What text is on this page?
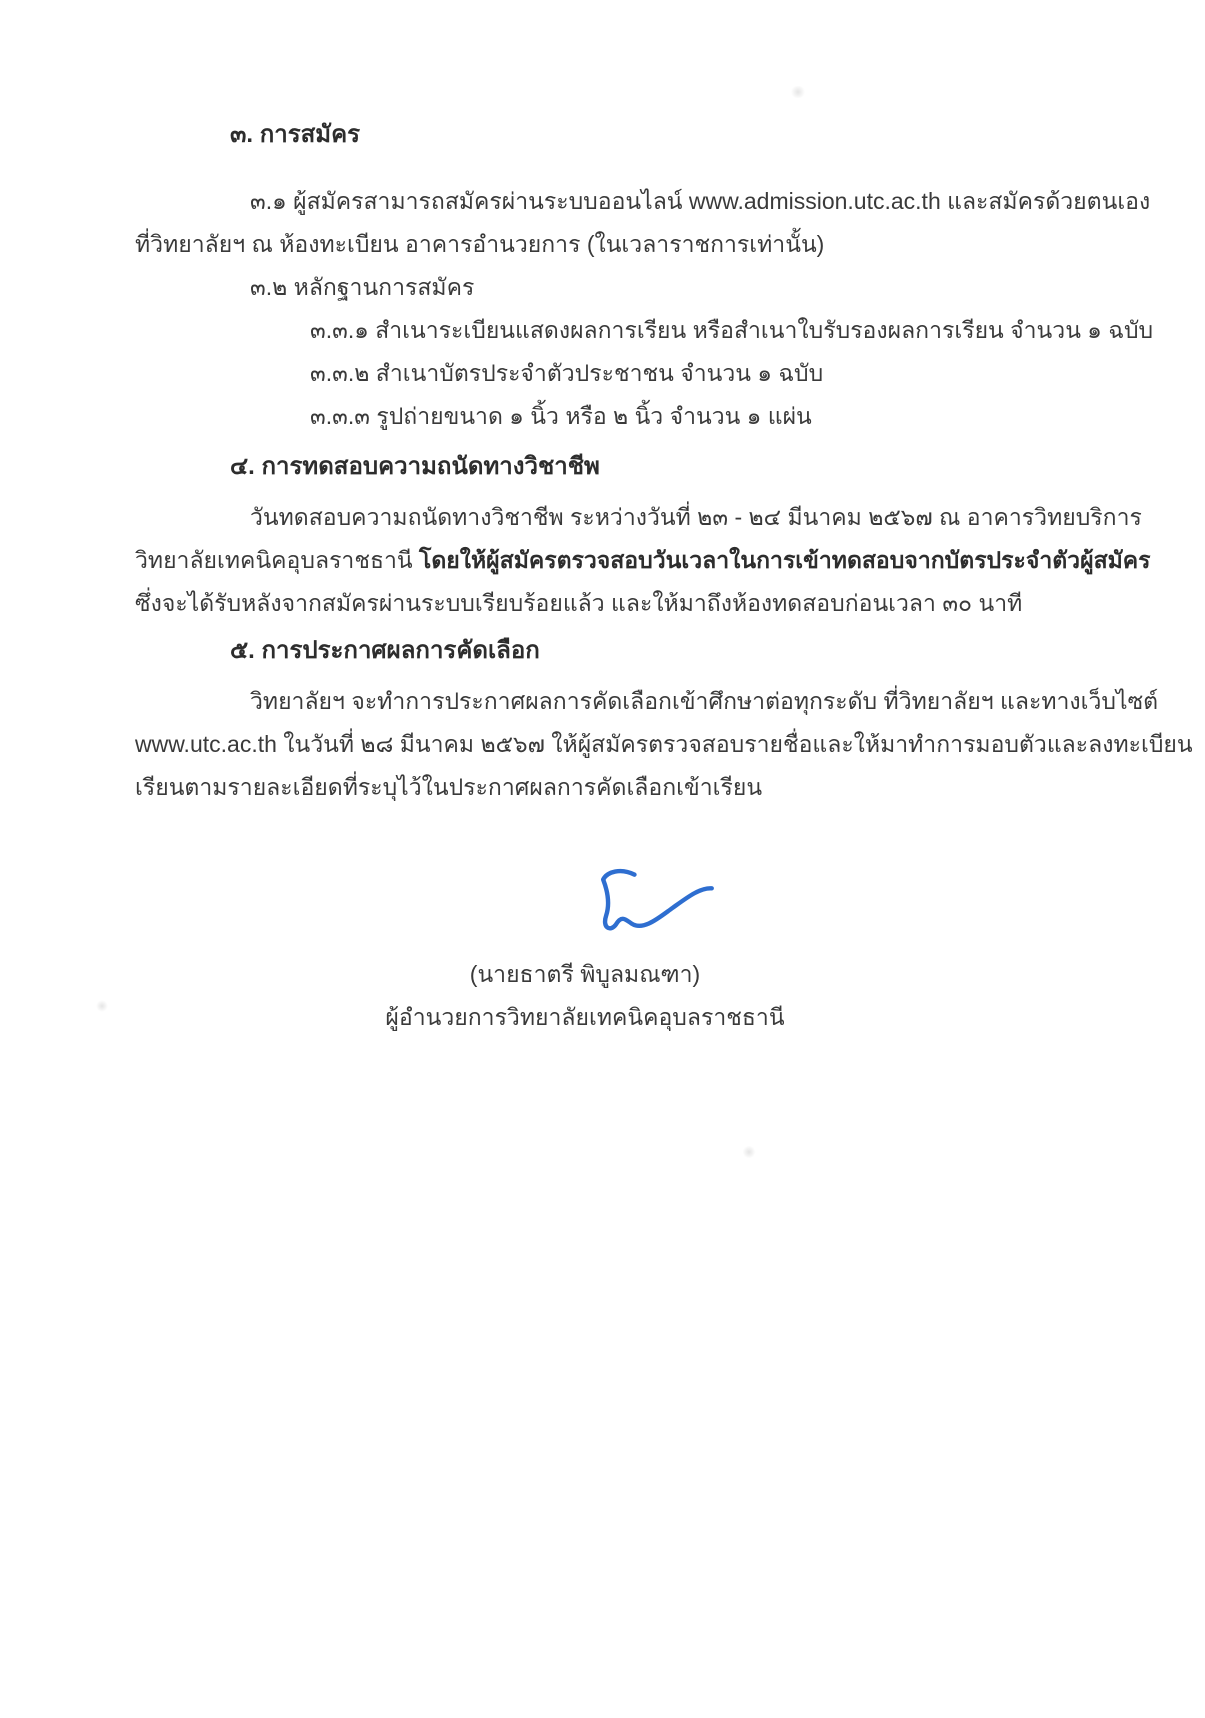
๓. การสมัคร
๓.๑ ผู้สมัครสามารถสมัครผ่านระบบออนไลน์ www.admission.utc.ac.th และสมัครด้วยตนเอง
ที่วิทยาลัยฯ ณ ห้องทะเบียน อาคารอำนวยการ (ในเวลาราชการเท่านั้น)
๓.๒ หลักฐานการสมัคร
๓.๓.๑ สำเนาระเบียนแสดงผลการเรียน หรือสำเนาใบรับรองผลการเรียน จำนวน ๑ ฉบับ
๓.๓.๒ สำเนาบัตรประจำตัวประชาชน จำนวน ๑ ฉบับ
๓.๓.๓ รูปถ่ายขนาด ๑ นิ้ว หรือ ๒ นิ้ว จำนวน ๑ แผ่น
๔. การทดสอบความถนัดทางวิชาชีพ
วันทดสอบความถนัดทางวิชาชีพ ระหว่างวันที่ ๒๓ - ๒๔ มีนาคม ๒๕๖๗ ณ อาคารวิทยบริการ
วิทยาลัยเทคนิคอุบลราชธานี โดยให้ผู้สมัครตรวจสอบวันเวลาในการเข้าทดสอบจากบัตรประจำตัวผู้สมัคร
ซึ่งจะได้รับหลังจากสมัครผ่านระบบเรียบร้อยแล้ว และให้มาถึงห้องทดสอบก่อนเวลา ๓๐ นาที
๕. การประกาศผลการคัดเลือก
วิทยาลัยฯ จะทำการประกาศผลการคัดเลือกเข้าศึกษาต่อทุกระดับ ที่วิทยาลัยฯ และทางเว็บไซต์
www.utc.ac.th ในวันที่ ๒๘ มีนาคม ๒๕๖๗ ให้ผู้สมัครตรวจสอบรายชื่อและให้มาทำการมอบตัวและลงทะเบียน
เรียนตามรายละเอียดที่ระบุไว้ในประกาศผลการคัดเลือกเข้าเรียน
(นายธาตรี พิบูลมณฑา)
ผู้อำนวยการวิทยาลัยเทคนิคอุบลราชธานี
